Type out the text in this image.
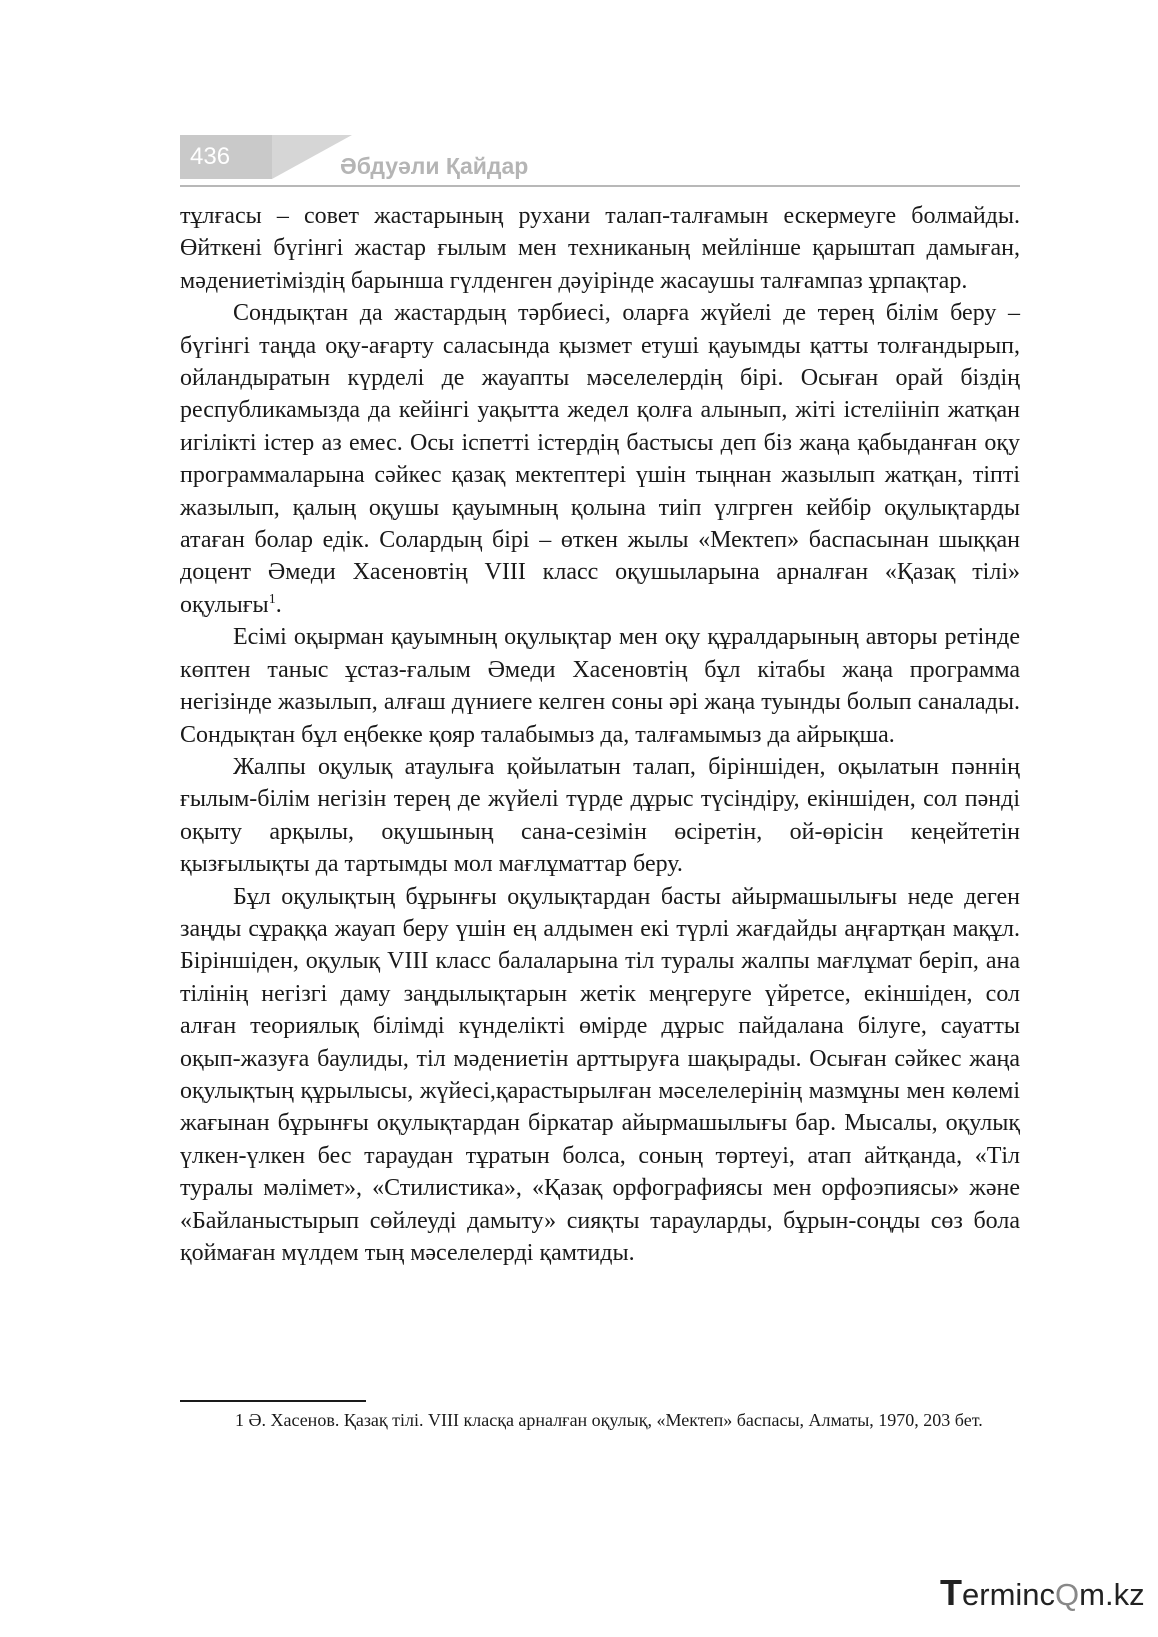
436	Әбдуәли Қайдар

тұлғасы – совет жастарының рухани талап-талғамын ескермеуге болмайды. Өйткені бүгінгі жастар ғылым мен техниканың мейлінше қарыштап дамыған, мәдениетіміздің барынша гүлденген дәуірінде жасаушы талғампаз ұрпақтар.

Сондықтан да жастардың тәрбиесі, оларға жүйелі де терең білім беру – бүгінгі таңда оқу-ағарту саласында қызмет етуші қауымды қатты толғандырып, ойландыратын күрделі де жауапты мәселелердің бірі. Осыған орай біздің республикамызда да кейінгі уақытта жедел қолға алынып, жіті істеліініп жатқан игілікті істер аз емес. Осы іспетті істердің бастысы деп біз жаңа қабыданған оқу программаларына сәйкес қазақ мектептері үшін тыңнан жазылып жатқан, тіпті жазылып, қалың оқушы қауымның қолына тиіп үлгрген кейбір оқулықтарды атаған болар едік. Солардың бірі – өткен жылы «Мектеп» баспасынан шыққан доцент Әмеди Хасеновтің VIII класс оқушыларына арналған «Қазақ тілі» оқулығы$^1$.

Есімі оқырман қауымның оқулықтар мен оқу құралдарының авторы ретінде көптен таныс ұстаз-ғалым Әмеди Хасеновтің бұл кітабы жаңа программа негізінде жазылып, алғаш дүниеге келген соны әрі жаңа туынды болып саналады. Сондықтан бұл еңбекке қояр талабымыз да, талғамымыз да айрықша.

Жалпы оқулық атаулыға қойылатын талап, біріншіден, оқылатын пәннің ғылым-білім негізін терең де жүйелі түрде дұрыс түсіндіру, екіншіден, сол пәнді оқыту арқылы, оқушының сана-сезімін өсіретін, ой-өрісін кеңейтетін қызғылықты да тартымды мол мағлұматтар беру.

Бұл оқулықтың бұрынғы оқулықтардан басты айырмашылығы неде деген заңды сұраққа жауап беру үшін ең алдымен екі түрлі жағдайды аңғартқан мақұл. Біріншіден, оқулық VIII класс балаларына тіл туралы жалпы мағлұмат беріп, ана тілінің негізгі даму заңдылықтарын жетік меңгеруге үйретсе, екіншіден, сол алған теориялық білімді күнделікті өмірде дұрыс пайдалана білуге, сауатты оқып-жазуға баулиды, тіл мәдениетін арттыруға шақырады. Осыған сәйкес жаңа оқулықтың құрылысы, жүйесі,қарастырылған мәселелерінің мазмұны мен көлемі жағынан бұрынғы оқулықтардан біркатар айырмашылығы бар. Мысалы, оқулық үлкен-үлкен бес тараудан тұратын болса, соның төртеуі, атап айтқанда, «Тіл туралы мәлімет», «Стилистика», «Қазақ орфографиясы мен орфоэпиясы» және «Байланыстырып сөйлеуді дамыту» сияқты тарауларды, бұрын-соңды сөз бола қоймаған мүлдем тың мәселелерді қамтиды.

1 Ә. Хасенов. Қазақ тілі. VIII класқа арналған оқулық, «Мектеп» баспасы, Алматы, 1970, 203 бет.

TermincQm.kz
